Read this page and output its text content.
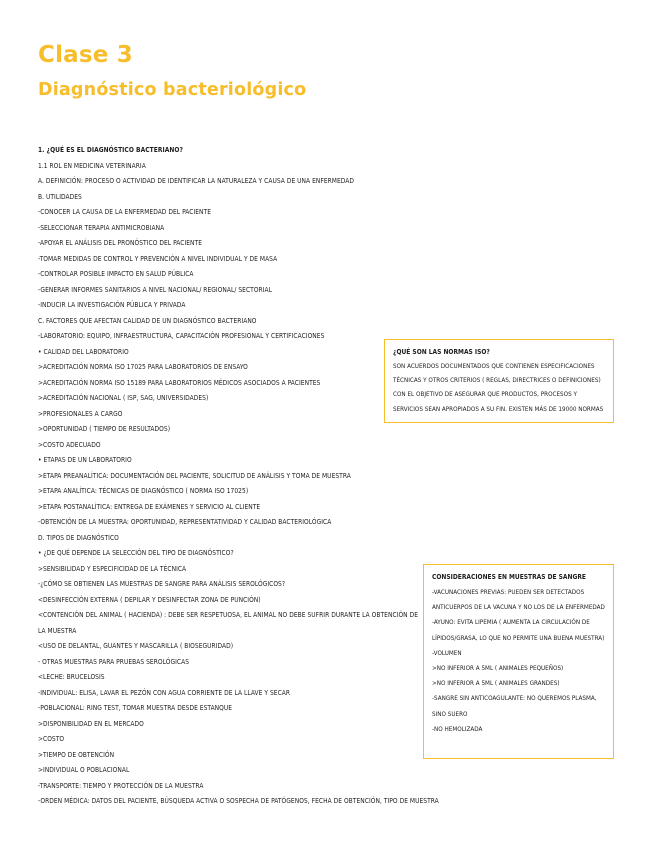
Clase 3
Diagnóstico bacteriológico
1. ¿QUÉ ES EL DIAGNÓSTICO BACTERIANO?
1.1 ROL EN MEDICINA VETERINARIA
A. DEFINICIÓN: PROCESO O ACTIVIDAD DE IDENTIFICAR LA NATURALEZA Y CAUSA DE UNA ENFERMEDAD
B. UTILIDADES
-CONOCER LA CAUSA DE LA ENFERMEDAD DEL PACIENTE
-SELECCIONAR TERAPIA ANTIMICROBIANA
-APOYAR EL ANÁLISIS DEL PRONÓSTICO DEL PACIENTE
-TOMAR MEDIDAS DE CONTROL Y PREVENCIÓN A NIVEL INDIVIDUAL Y DE MASA
-CONTROLAR POSIBLE IMPACTO EN SALUD PÚBLICA
-GENERAR INFORMES SANITARIOS A NIVEL NACIONAL/ REGIONAL/ SECTORIAL
-INDUCIR LA INVESTIGACIÓN PÚBLICA Y PRIVADA
C. FACTORES QUE AFECTAN CALIDAD DE UN DIAGNÓSTICO BACTERIANO
-LABORATORIO: EQUIPO, INFRAESTRUCTURA, CAPACITACIÓN PROFESIONAL Y CERTIFICACIONES
• CALIDAD DEL LABORATORIO
>ACREDITACIÓN NORMA ISO 17025 PARA LABORATORIOS DE ENSAYO
>ACREDITACIÓN NORMA ISO 15189 PARA LABORATORIOS MÉDICOS ASOCIADOS A PACIENTES
>ACREDITACIÓN NACIONAL ( ISP, SAG, UNIVERSIDADES)
>PROFESIONALES A CARGO
>OPORTUNIDAD ( TIEMPO DE RESULTADOS)
>COSTO ADECUADO
• ETAPAS DE UN LABORATORIO
>ETAPA PREANALÍTICA: DOCUMENTACIÓN DEL PACIENTE, SOLICITUD DE ANÁLISIS Y TOMA DE MUESTRA
>ETAPA ANALÍTICA: TÉCNICAS DE DIAGNÓSTICO ( NORMA ISO 17025)
>ETAPA POSTANALÍTICA: ENTREGA DE EXÁMENES Y SERVICIO AL CLIENTE
-OBTENCIÓN DE LA MUESTRA: OPORTUNIDAD, REPRESENTATIVIDAD Y CALIDAD BACTERIOLÓGICA
D. TIPOS DE DIAGNÓSTICO
• ¿DE QUÉ DEPENDE LA SELECCIÓN DEL TIPO DE DIAGNÓSTICO?
>SENSIBILIDAD Y ESPECIFICIDAD DE LA TÉCNICA
-¿CÓMO SE OBTIENEN LAS MUESTRAS DE SANGRE PARA ANÁLISIS SEROLÓGICOS?
<DESINFECCIÓN EXTERNA ( DEPILAR Y DESINFECTAR ZONA DE PUNCIÓN)
<CONTENCIÓN DEL ANIMAL ( HACIENDA) : DEBE SER RESPETUOSA, EL ANIMAL NO DEBE SUFRIR DURANTE LA OBTENCIÓN DE LA MUESTRA
<USO DE DELANTAL, GUANTES Y MASCARILLA ( BIOSEGURIDAD)
- OTRAS MUESTRAS PARA PRUEBAS SEROLÓGICAS
<LECHE: BRUCELOSIS
-INDIVIDUAL: ELISA, LAVAR EL PEZÓN CON AGUA CORRIENTE DE LA LLAVE Y SECAR
-POBLACIONAL: RING TEST, TOMAR MUESTRA DESDE ESTANQUE
>DISPONIBILIDAD EN EL MERCADO
>COSTO
>TIEMPO DE OBTENCIÓN
>INDIVIDUAL O POBLACIONAL
-TRANSPORTE: TIEMPO Y PROTECCIÓN DE LA MUESTRA
-ORDEN MÉDICA: DATOS DEL PACIENTE, BÚSQUEDA ACTIVA O SOSPECHA DE PATÓGENOS, FECHA DE OBTENCIÓN, TIPO DE MUESTRA
¿QUÉ SON LAS NORMAS ISO?
SON ACUERDOS DOCUMENTADOS QUE CONTIENEN ESPECIFICACIONES TÉCNICAS Y OTROS CRITERIOS ( REGLAS, DIRECTRICES O DEFINICIONES) CON EL OBJETIVO DE ASEGURAR QUE PRODUCTOS, PROCESOS Y SERVICIOS SEAN APROPIADOS A SU FIN. EXISTEN MÁS DE 19000 NORMAS
CONSIDERACIONES EN MUESTRAS DE SANGRE
-VACUNACIONES PREVIAS: PUEDEN SER DETECTADOS ANTICUERPOS DE LA VACUNA Y NO LOS DE LA ENFERMEDAD
-AYUNO: EVITA LIPEMIA ( AUMENTA LA CIRCULACIÓN DE LÍPIDOS/GRASA, LO QUE NO PERMITE UNA BUENA MUESTRA)
-VOLUMEN
>NO INFERIOR A 5ML ( ANIMALES PEQUEÑOS)
>NO INFERIOR A 5ML ( ANIMALES GRANDES)
-SANGRE SIN ANTICOAGULANTE: NO QUEREMOS PLASMA, SINO SUERO
-NO HEMOLIZADA
